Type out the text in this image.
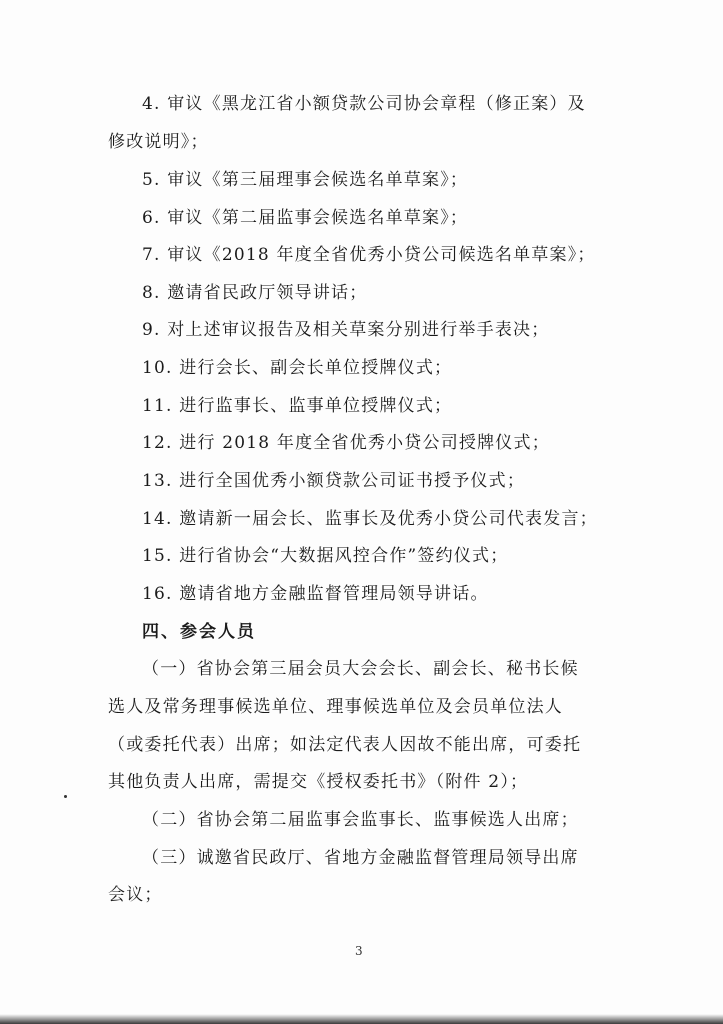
4. 审议《黑龙江省小额贷款公司协会章程（修正案）及
修改说明》；
5. 审议《第三届理事会候选名单草案》；
6. 审议《第二届监事会候选名单草案》；
7. 审议《2018 年度全省优秀小贷公司候选名单草案》；
8. 邀请省民政厅领导讲话；
9. 对上述审议报告及相关草案分别进行举手表决；
10. 进行会长、副会长单位授牌仪式；
11. 进行监事长、监事单位授牌仪式；
12. 进行 2018 年度全省优秀小贷公司授牌仪式；
13. 进行全国优秀小额贷款公司证书授予仪式；
14. 邀请新一届会长、监事长及优秀小贷公司代表发言；
15. 进行省协会“大数据风控合作”签约仪式；
16. 邀请省地方金融监督管理局领导讲话。
四、参会人员
（一）省协会第三届会员大会会长、副会长、秘书长候
选人及常务理事候选单位、理事候选单位及会员单位法人
（或委托代表）出席；如法定代表人因故不能出席，可委托
其他负责人出席，需提交《授权委托书》（附件 2）；
（二）省协会第二届监事会监事长、监事候选人出席；
（三）诚邀省民政厅、省地方金融监督管理局领导出席
会议；
3
